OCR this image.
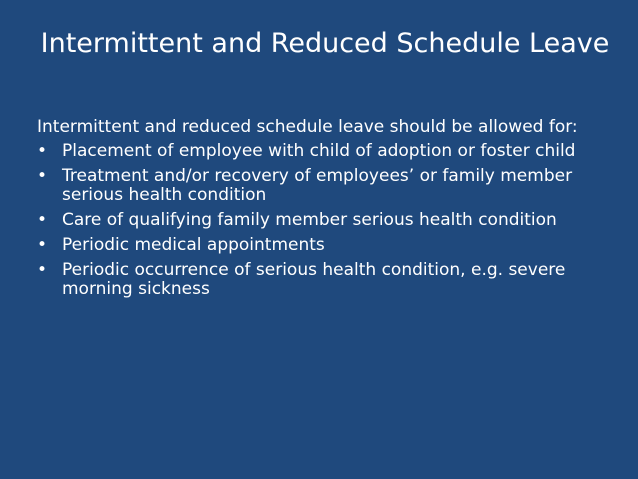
Intermittent and Reduced Schedule Leave

Intermittent and reduced schedule leave should be allowed for:

• Placement of employee with child of adoption or foster child
• Treatment and/or recovery of employees’ or family member serious health condition
• Care of qualifying family member serious health condition
• Periodic medical appointments
• Periodic occurrence of serious health condition, e.g. severe morning sickness
